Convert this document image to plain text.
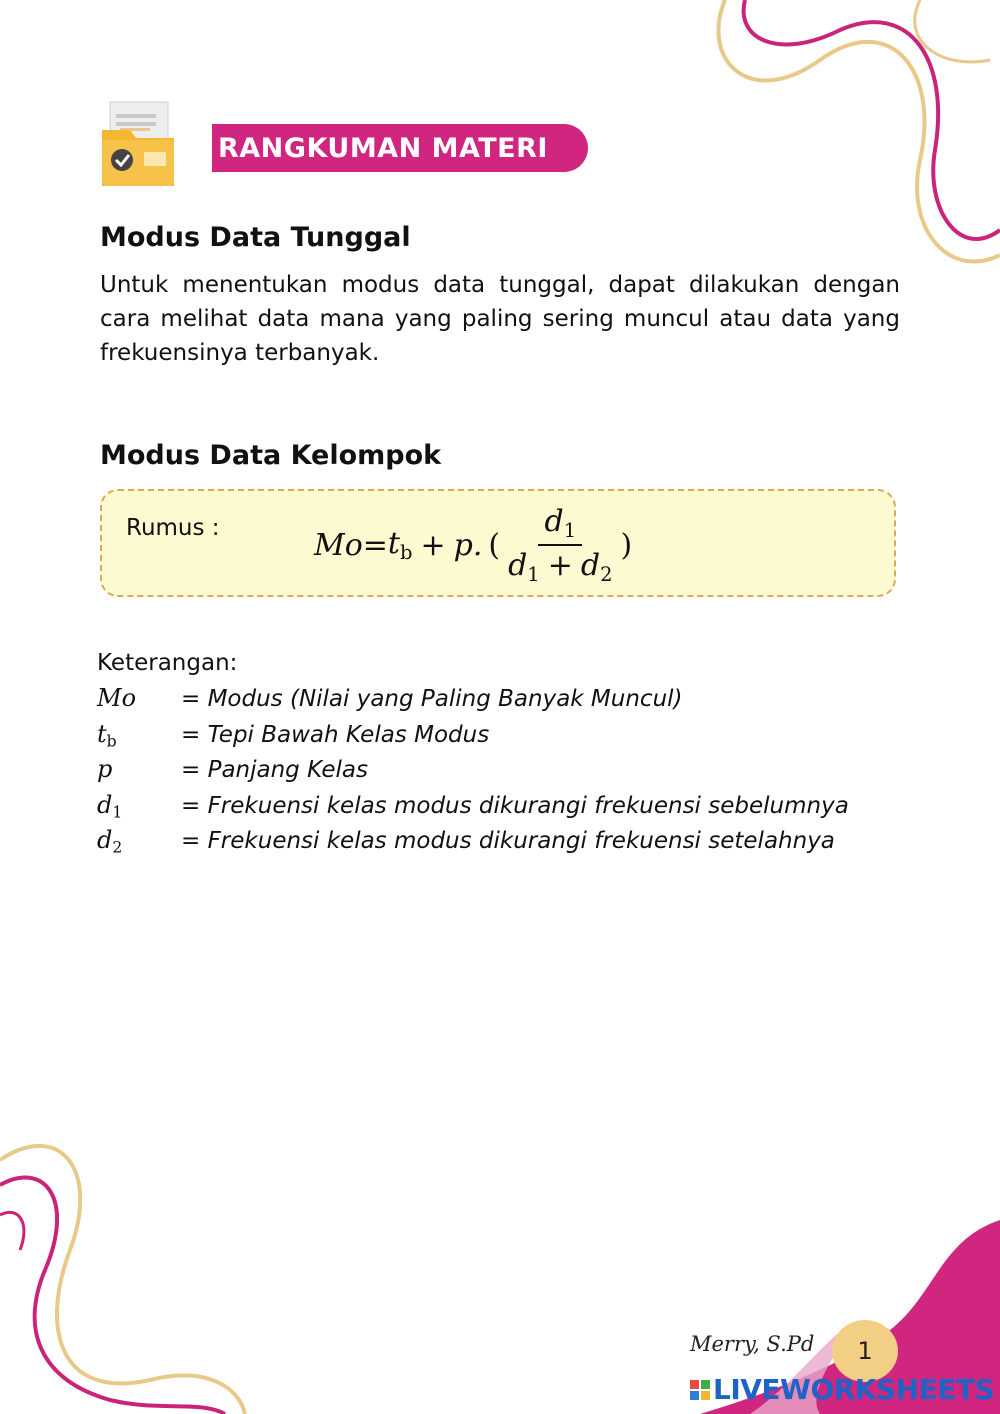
RANGKUMAN MATERI
Modus Data Tunggal

Untuk menentukan modus data tunggal, dapat dilakukan dengan cara melihat data mana yang paling sering muncul atau data yang frekuensinya terbanyak.

Modus Data Kelompok
Rumus :	$Mo = t_b + p$. ( $\frac{d_1}{d_1 + d_2}$ )
Keterangan:
Mo	= Modus (Nilai yang Paling Banyak Muncul)
$t_b$	= Tepi Bawah Kelas Modus
p	= Panjang Kelas
$d_1$	= Frekuensi kelas modus dikurangi frekuensi sebelumnya
$d_2$	= Frekuensi kelas modus dikurangi frekuensi setelahnya
Merry, S.Pd	1
LIVEWORKSHEETS
